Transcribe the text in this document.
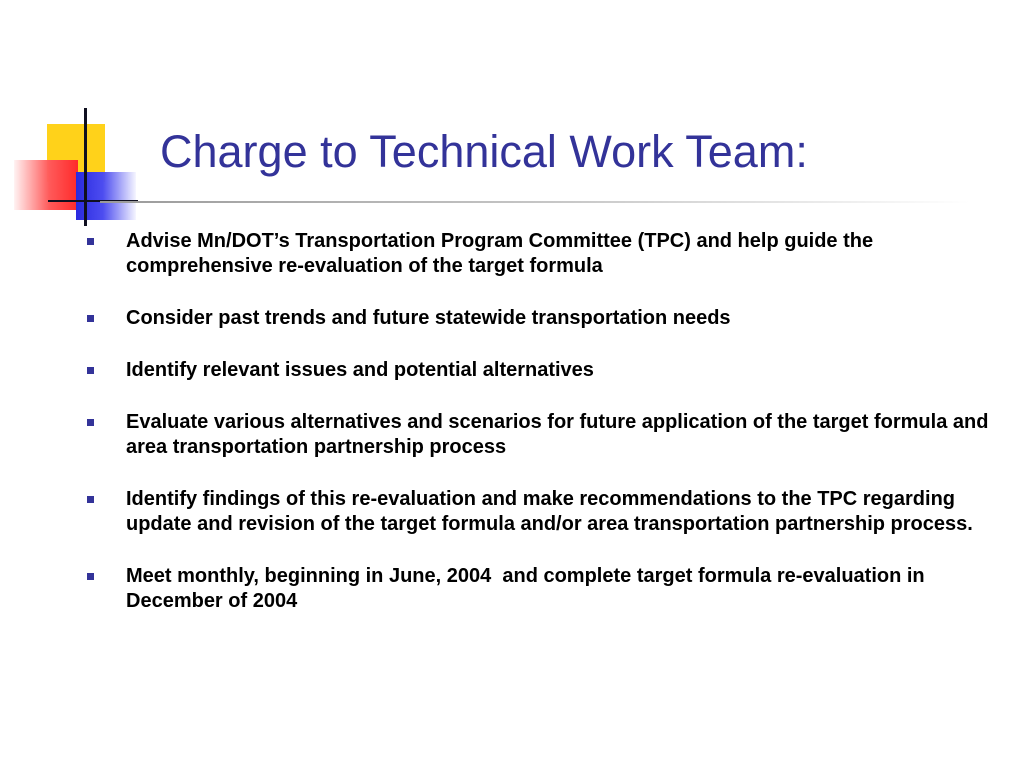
Charge to Technical Work Team:
Advise Mn/DOT’s Transportation Program Committee (TPC) and help guide the comprehensive re-evaluation of the target formula
Consider past trends and future statewide transportation needs
Identify relevant issues and potential alternatives
Evaluate various alternatives and scenarios for future application of the target formula and area transportation partnership process
Identify findings of this re-evaluation and make recommendations to the TPC regarding update and revision of the target formula and/or area transportation partnership process.
Meet monthly, beginning in June, 2004  and complete target formula re-evaluation in December of 2004
